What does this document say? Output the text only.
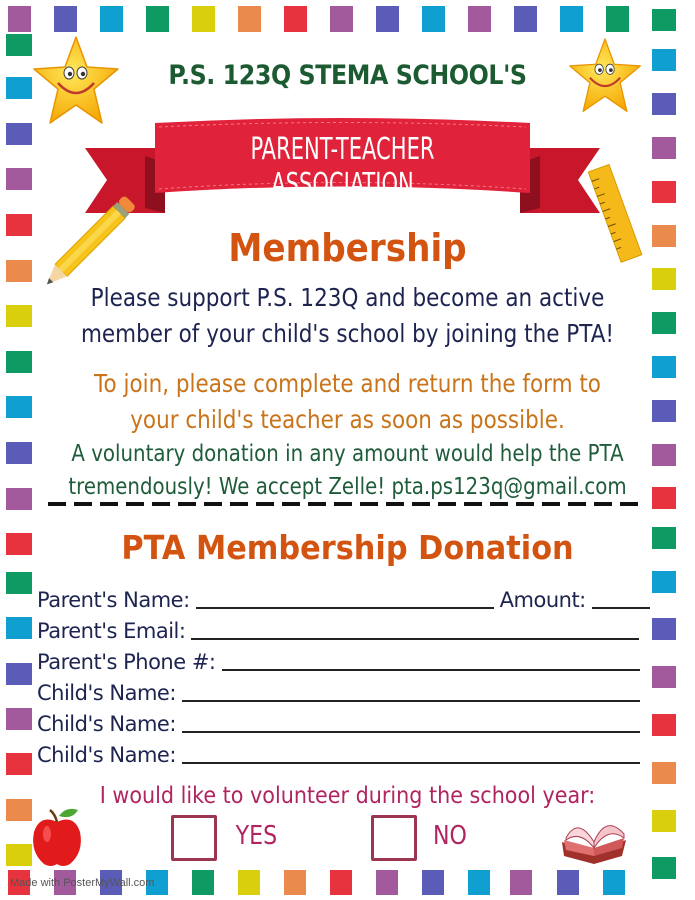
P.S. 123Q STEMA SCHOOL'S
PARENT-TEACHER ASSOCIATION
Membership
Please support P.S. 123Q and become an active
member of your child's school by joining the PTA!
To join, please complete and return the form to
your child's teacher as soon as possible.
A voluntary donation in any amount would help the PTA
tremendously! We accept Zelle! pta.ps123q@gmail.com
PTA Membership Donation
Parent's Name:	Amount:
Parent's Email:
Parent's Phone #:
Child's Name:
Child's Name:
Child's Name:
I would like to volunteer during the school year:
YES	NO
Made with PosterMyWall.com
